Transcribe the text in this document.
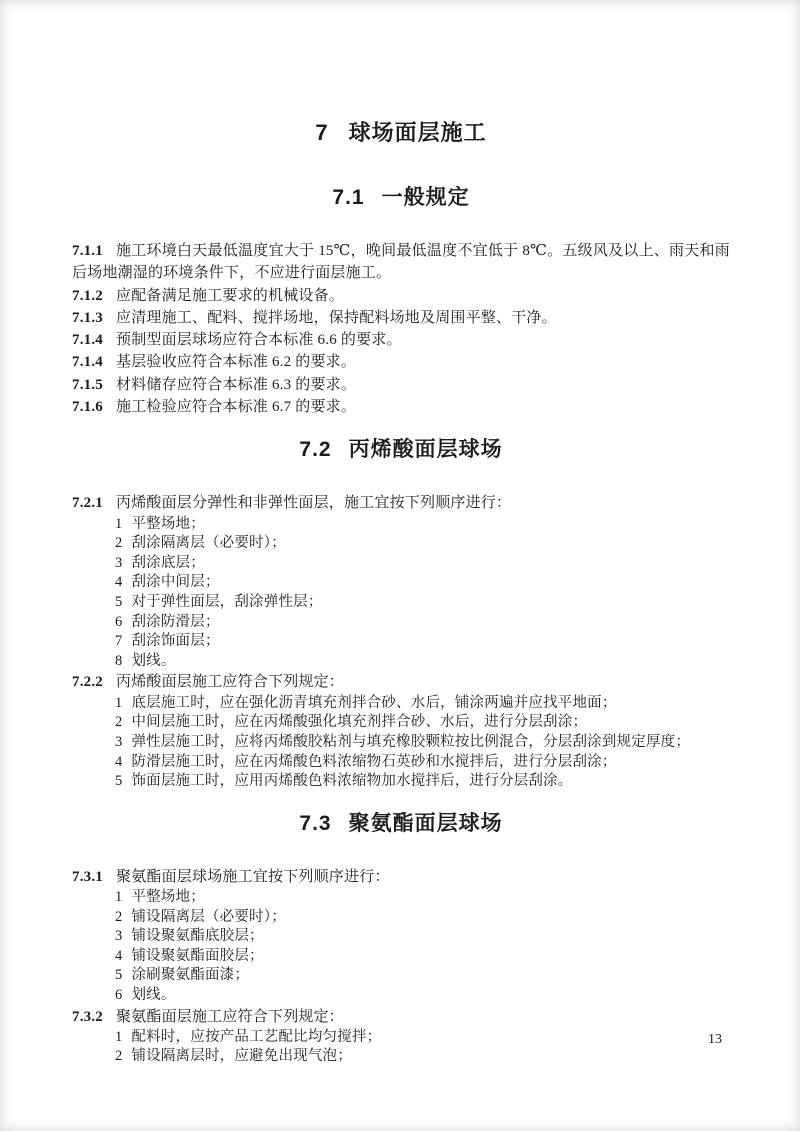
7 球场面层施工
7.1 一般规定

7.1.1 施工环境白天最低温度宜大于 15℃，晚间最低温度不宜低于 8℃。五级风及以上、雨天和雨后场地潮湿的环境条件下，不应进行面层施工。

7.1.2 应配备满足施工要求的机械设备。

7.1.3 应清理施工、配料、搅拌场地，保持配料场地及周围平整、干净。

7.1.4 预制型面层球场应符合本标准 6.6 的要求。

7.1.4 基层验收应符合本标准 6.2 的要求。

7.1.5 材料储存应符合本标准 6.3 的要求。

7.1.6 施工检验应符合本标准 6.7 的要求。

7.2 丙烯酸面层球场

7.2.1 丙烯酸面层分弹性和非弹性面层，施工宜按下列顺序进行：

1 平整场地；

2 刮涂隔离层（必要时）；

3 刮涂底层；

4 刮涂中间层；

5 对于弹性面层，刮涂弹性层；

6 刮涂防滑层；

7 刮涂饰面层；

8 划线。

7.2.2 丙烯酸面层施工应符合下列规定：

1 底层施工时，应在强化沥青填充剂拌合砂、水后，铺涂两遍并应找平地面；

2 中间层施工时，应在丙烯酸强化填充剂拌合砂、水后，进行分层刮涂；

3 弹性层施工时，应将丙烯酸胶粘剂与填充橡胶颗粒按比例混合，分层刮涂到规定厚度；

4 防滑层施工时，应在丙烯酸色料浓缩物石英砂和水搅拌后，进行分层刮涂；

5 饰面层施工时，应用丙烯酸色料浓缩物加水搅拌后，进行分层刮涂。

7.3 聚氨酯面层球场

7.3.1 聚氨酯面层球场施工宜按下列顺序进行：

1 平整场地；

2 铺设隔离层（必要时）；

3 铺设聚氨酯底胶层；

4 铺设聚氨酯面胶层；

5 涂刷聚氨酯面漆；

6 划线。

7.3.2 聚氨酯面层施工应符合下列规定：

1 配料时，应按产品工艺配比均匀搅拌；

2 铺设隔离层时，应避免出现气泡；

13
